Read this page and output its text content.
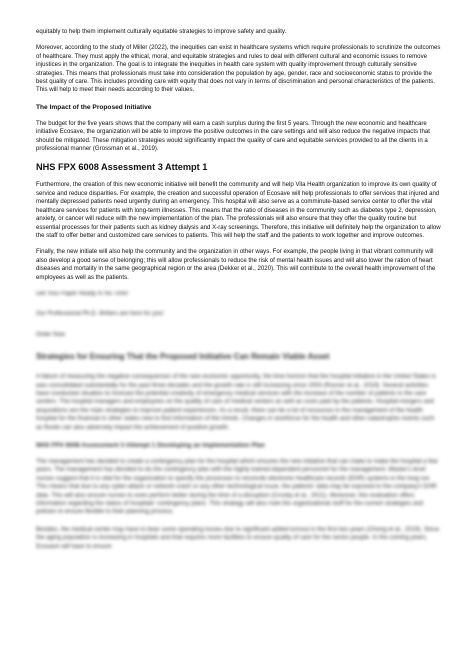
equitably to help them implement culturally equitable strategies to improve safety and quality.

Moreover, according to the study of Miller (2022), the inequities can exist in healthcare systems which require professionals to scrutinize the outcomes of healthcare. They must apply the ethical, moral, and equitable strategies and rules to deal with different cultural and economic issues to remove injustices in the organization. The goal is to integrate the inequities in health care system with quality improvement through culturally sensitive strategies. This means that professionals must take into consideration the population by age, gender, race and socioeconomic status to provide the best quality of care. This includes providing care with equity that does not vary in terms of discrimination and personal characteristics of the patients. This will help to meet their needs according to their values.

The Impact of the Proposed Initiative

The budget for the five years shows that the company will earn a cash surplus during the first 5 years. Through the new economic and healthcare initiative Ecosave, the organization will be able to improve the positive outcomes in the care settings and will also reduce the negative impacts that should be mitigated. These mitigation strategies would significantly impact the quality of care and equitable services provided to all the clients in a professional manner (Grossman et al., 2019).

NHS FPX 6008 Assessment 3 Attempt 1

Furthermore, the creation of this new economic initiative will benefit the community and will help Vila Health organization to improve its own quality of service and reduce disparities. For example, the creation and successful operation of Ecosave will help professionals to offer services that injured and mentally depressed patients need urgently during an emergency. This hospital will also serve as a comminute-based service center to offer the vital healthcare services for patients with long-term illnesses. This means that the ratio of diseases in the community such as diabetes type 2, depression, anxiety, or cancer will reduce with the new implementation of the plan. The professionals will also ensure that they offer the quality routine but essential processes for their patients such as kidney dialysis and X-ray screenings. Therefore, this initiative will definitely help the organization to allow the staff to offer better and customized care services to patients. This will help the staff and the patients to work together and improve outcomes.

Finally, the new initiate will also help the community and the organization in other ways. For example, the people living in that vibrant community will also develop a good sense of belonging; this will allow professionals to reduce the risk of mental health issues and will also lower the ration of heart diseases and mortality in the same geographical region or the area (Dekker et al., 2020). This will contribute to the overall health improvement of the employees as well as the patients.

Get Your Paper Ready In No Time!

Our Professional Ph.D. Writers are here for you!

Order Now

Strategies for Ensuring That the Proposed Initiative Can Remain Viable Asset

A failure of measuring the negative consequences of the new economic opportunity, the time horizon that the hospital initiative in the United States is was consolidated substantially for the past three decades and the growth rate is still increasing since 2003 (Rosner et al., 2019). Several activities have conducted situation to forecast the potential creativity of emergency medical services with the increase of the number of patients in the care centers. The hospital managers and employees on the quality of care of medical centers as well as costs paid by the patients. Hospital mergers and acquisitions are the main strategies to improve patient experiences. As a result, there can be a lot of resources in the management of the health hospital for the financial in other states new to find information of the trends. Changes in workforce for the health and other catastrophic events such as floods can also adversely impact the achievement of positive growth.

NHS FPX 6008 Assessment 3 Attempt 1 Developing an Implementation Plan

The management has decided to create a contingency plan for the hospital which ensures the new initiative that can make to make the hospital a few years. The management has decided to do the contingency plan with the highly trained dependent personnel for the management. Master's level nurses suggest that it is vital for the organization to specify the processes to reconcile electronic healthcare records (EHR) systems in the long run. This means that due to any cyber-attack or network crash or any other technological issue, the patients' data may be exposed to the company's EHR data. This will also ensure nurses to even perform better during the time of a disruption (Crosby et al., 2021). Moreover, this evaluation offers information regarding the status of hospitals' contingency plans. This strategy will also note the organizational stuff for the current strategies and policies to ensure flexible to their planning process.

Besides, the medical center may have to bear some operating losses due to significant added turnout in the first two years (Chong et al., 2019). Since the aging population is increasing in hospitals and that requires more facilities to ensure quality of care for the senior people. In the coming years, Ecosave will have to ensure
